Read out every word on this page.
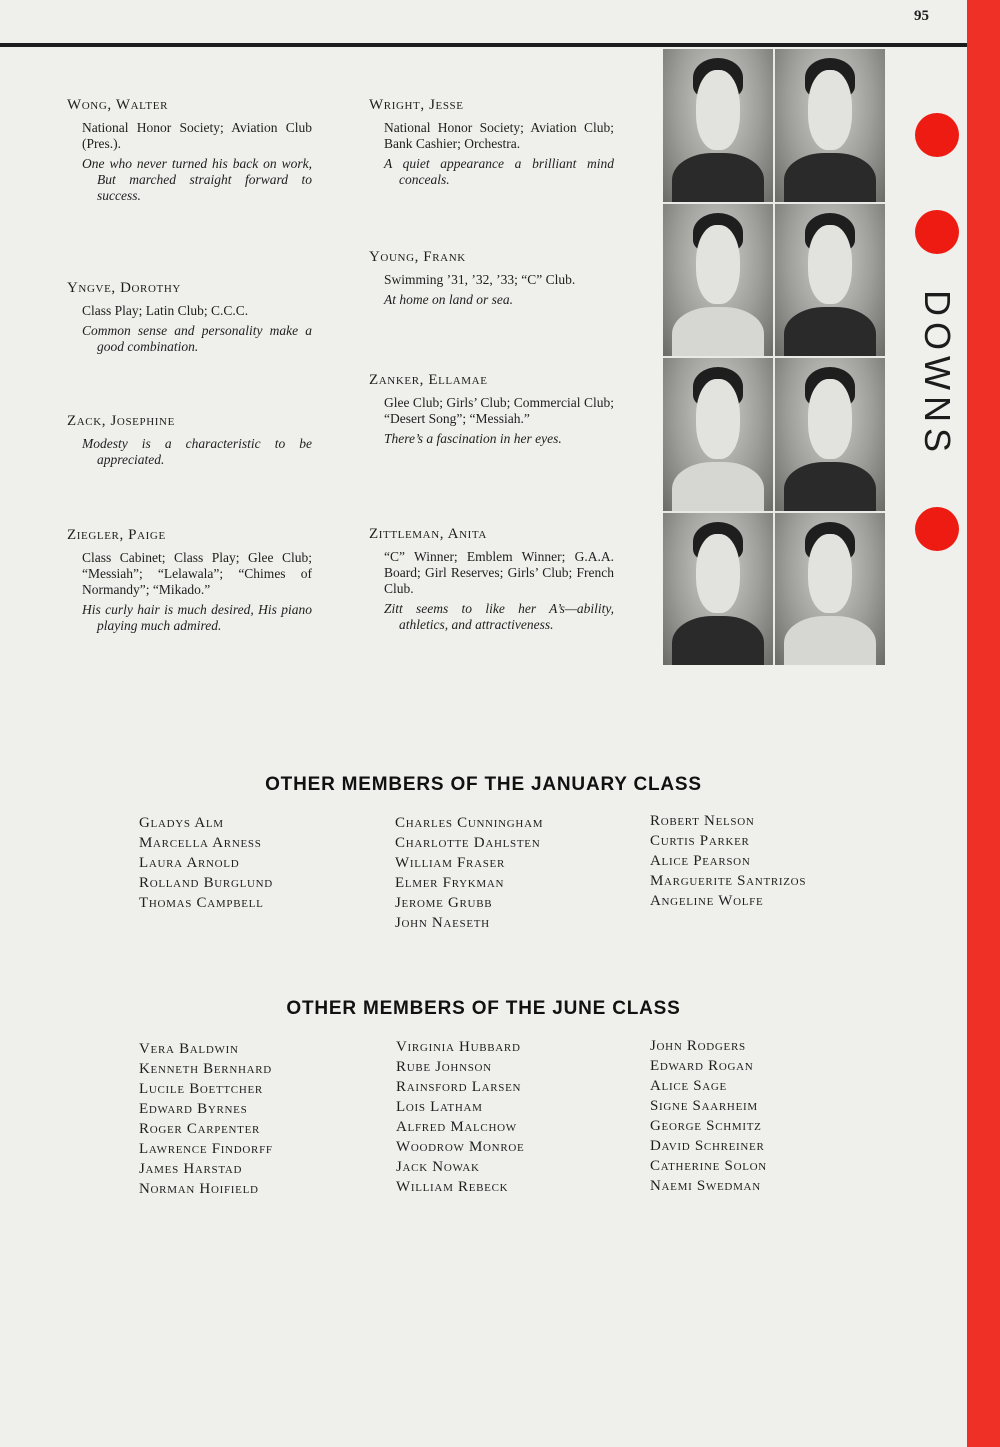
95
DOWNS
Wong, Walter
National Honor Society; Aviation Club (Pres.).
One who never turned his back on work, But marched straight forward to success.
Yngve, Dorothy
Class Play; Latin Club; C.C.C.
Common sense and personality make a good combination.
Zack, Josephine
Modesty is a characteristic to be appreciated.
Ziegler, Paige
Class Cabinet; Class Play; Glee Club; “Messiah”; “Lelawala”; “Chimes of Normandy”; “Mikado.”
His curly hair is much desired, His piano playing much admired.
Wright, Jesse
National Honor Society; Aviation Club; Bank Cashier; Orchestra.
A quiet appearance a brilliant mind conceals.
Young, Frank
Swimming ’31, ’32, ’33; “C” Club.
At home on land or sea.
Zanker, Ellamae
Glee Club; Girls’ Club; Commercial Club; “Desert Song”; “Messiah.”
There’s a fascination in her eyes.
Zittleman, Anita
“C” Winner; Emblem Winner; G.A.A. Board; Girl Reserves; Girls’ Club; French Club.
Zitt seems to like her A’s—ability, athletics, and attractiveness.
OTHER MEMBERS OF THE JANUARY CLASS
Gladys Alm
Marcella Arness
Laura Arnold
Rolland Burglund
Thomas Campbell
Charles Cunningham
Charlotte Dahlsten
William Fraser
Elmer Frykman
Jerome Grubb
John Naeseth
Robert Nelson
Curtis Parker
Alice Pearson
Marguerite Santrizos
Angeline Wolfe
OTHER MEMBERS OF THE JUNE CLASS
Vera Baldwin
Kenneth Bernhard
Lucile Boettcher
Edward Byrnes
Roger Carpenter
Lawrence Findorff
James Harstad
Norman Hoifield
Virginia Hubbard
Rube Johnson
Rainsford Larsen
Lois Latham
Alfred Malchow
Woodrow Monroe
Jack Nowak
William Rebeck
John Rodgers
Edward Rogan
Alice Sage
Signe Saarheim
George Schmitz
David Schreiner
Catherine Solon
Naemi Swedman
